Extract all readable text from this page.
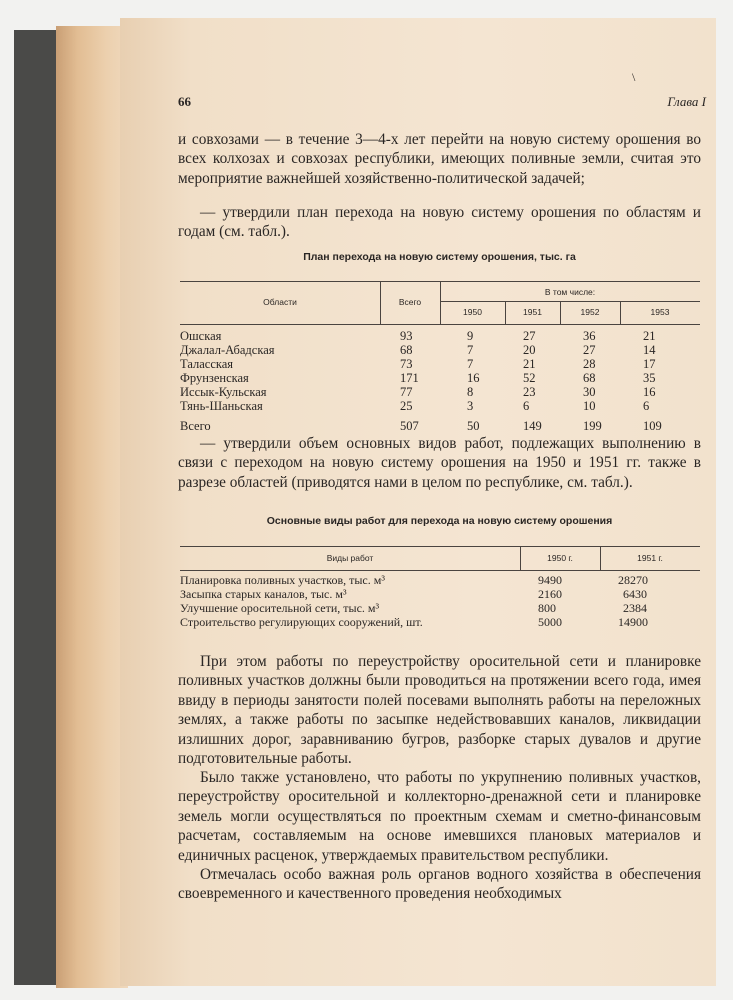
\
66	Глава I

и совхозами — в течение 3—4-х лет перейти на новую систему орошения во всех колхозах и совхозах республики, имеющих поливные земли, считая это мероприятие важнейшей хозяйственно-политической задачей;

— утвердили план перехода на новую систему орошения по областям и годам (см. табл.).

План перехода на новую систему орошения, тыс. га
Области	Всего
В том числе:
1950	1951	1952	1953
Ошская	93	9	27	36	21
Джалал-Абадская	68	7	20	27	14
Таласская	73	7	21	28	17
Фрунзенская	171	16	52	68	35
Иссык-Кульская	77	8	23	30	16
Тянь-Шаньская	25	3	6	10	6
Всего	507	50	149	199	109

— утвердили объем основных видов работ, подлежащих выполнению в связи с переходом на новую систему орошения на 1950 и 1951 гг. также в разрезе областей (приводятся нами в целом по республике, см. табл.).

Основные виды работ для перехода на новую систему орошения
Виды работ	1950 г.	1951 г.
Планировка поливных участков, тыс. м³	9490	28270
Засыпка старых каналов, тыс. м³	2160	6430
Улучшение оросительной сети, тыс. м³	800	2384
Строительство регулирующих сооружений, шт.	5000	14900

При этом работы по переустройству оросительной сети и планировке поливных участков должны были проводиться на протяжении всего года, имея ввиду в периоды занятости полей посевами выполнять работы на переложных землях, а также работы по засыпке недействовавших каналов, ликвидации излишних дорог, заравниванию бугров, разборке старых дувалов и другие подготовительные работы.

Было также установлено, что работы по укрупнению поливных участков, переустройству оросительной и коллекторно-дренажной сети и планировке земель могли осуществляться по проектным схемам и сметно-финансовым расчетам, составляемым на основе имевшихся плановых материалов и единичных расценок, утверждаемых правительством республики.

Отмечалась особо важная роль органов водного хозяйства в обеспечения своевременного и качественного проведения необходимых
